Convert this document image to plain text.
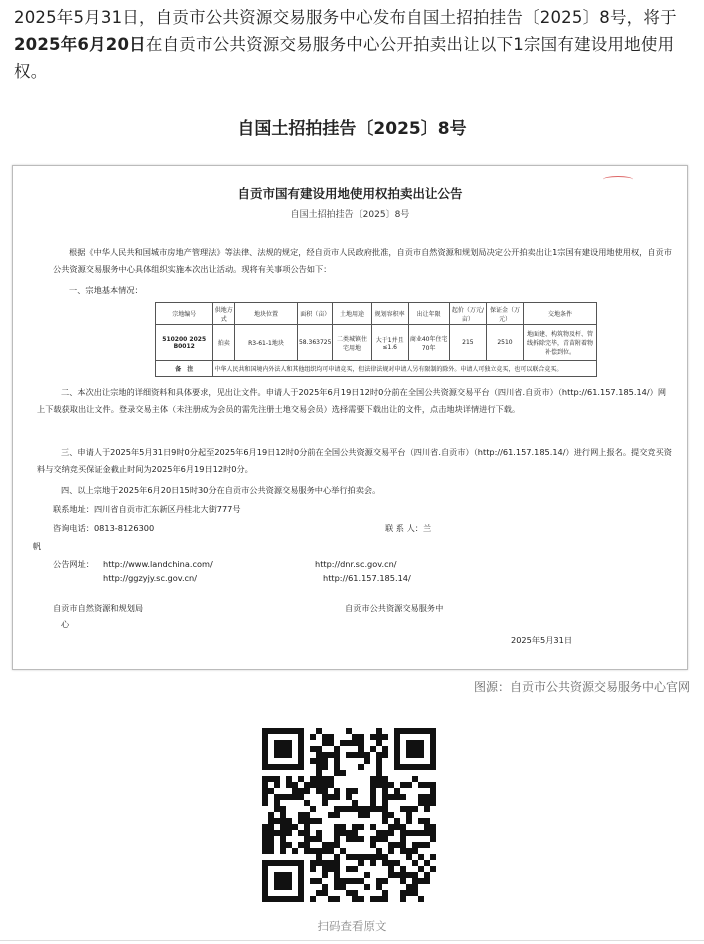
2025年5月31日，自贡市公共资源交易服务中心发布自国土招拍挂告〔2025〕8号，将于2025年6月20日在自贡市公共资源交易服务中心公开拍卖出让以下1宗国有建设用地使用权。
自国土招拍挂告〔2025〕8号
自贡市国有建设用地使用权拍卖出让公告
自国土招拍挂告〔2025〕8号
根据《中华人民共和国城市房地产管理法》等法律、法规的规定，经自贡市人民政府批准，自贡市自然资源和规划局决定公开拍卖出让1宗国有建设用地使用权，自贡市公共资源交易服务中心具体组织实施本次出让活动。现将有关事项公告如下：
一、宗地基本情况：
宗地编号	供地方式	地块位置	面积（亩）	土地用途	规划容积率	出让年限	起价（万元/亩）	保证金（万元）	交地条件
510200 2025 B0012	拍卖	R3-61-1地块	58.363725	二类城镇住宅用地	大于1并且≤1.6	商业40年住宅70年	215	2510	地面建、构筑物及杆、管线拆除完毕，青苗附着物补偿到位。
备　注	中华人民共和国境内外法人和其他组织均可申请竞买，但法律法规对申请人另有限制的除外。申请人可独立竞买，也可以联合竞买。								
二、本次出让宗地的详细资料和具体要求，见出让文件。申请人于2025年6月19日12时0分前在全国公共资源交易平台（四川省.自贡市）（http://61.157.185.14/）网上下载获取出让文件。登录交易主体（未注册成为会员的需先注册土地交易会员）选择需要下载出让的文件，点击地块详情进行下载。
三、申请人于2025年5月31日9时0分起至2025年6月19日12时0分前在全国公共资源交易平台（四川省.自贡市）（http://61.157.185.14/）进行网上报名。提交竞买资料与交纳竞买保证金截止时间为2025年6月19日12时0分。
四、以上宗地于2025年6月20日15时30分在自贡市公共资源交易服务中心举行拍卖会。
联系地址：四川省自贡市汇东新区丹桂北大街777号
咨询电话：0813-8126300	联 系 人：兰
帆
公告网址： http://www.landchina.com/	http://dnr.sc.gov.cn/
http://ggzyjy.sc.gov.cn/	http://61.157.185.14/
自贡市自然资源和规划局	自贡市公共资源交易服务中
心
2025年5月31日
图源：自贡市公共资源交易服务中心官网
扫码查看原文
